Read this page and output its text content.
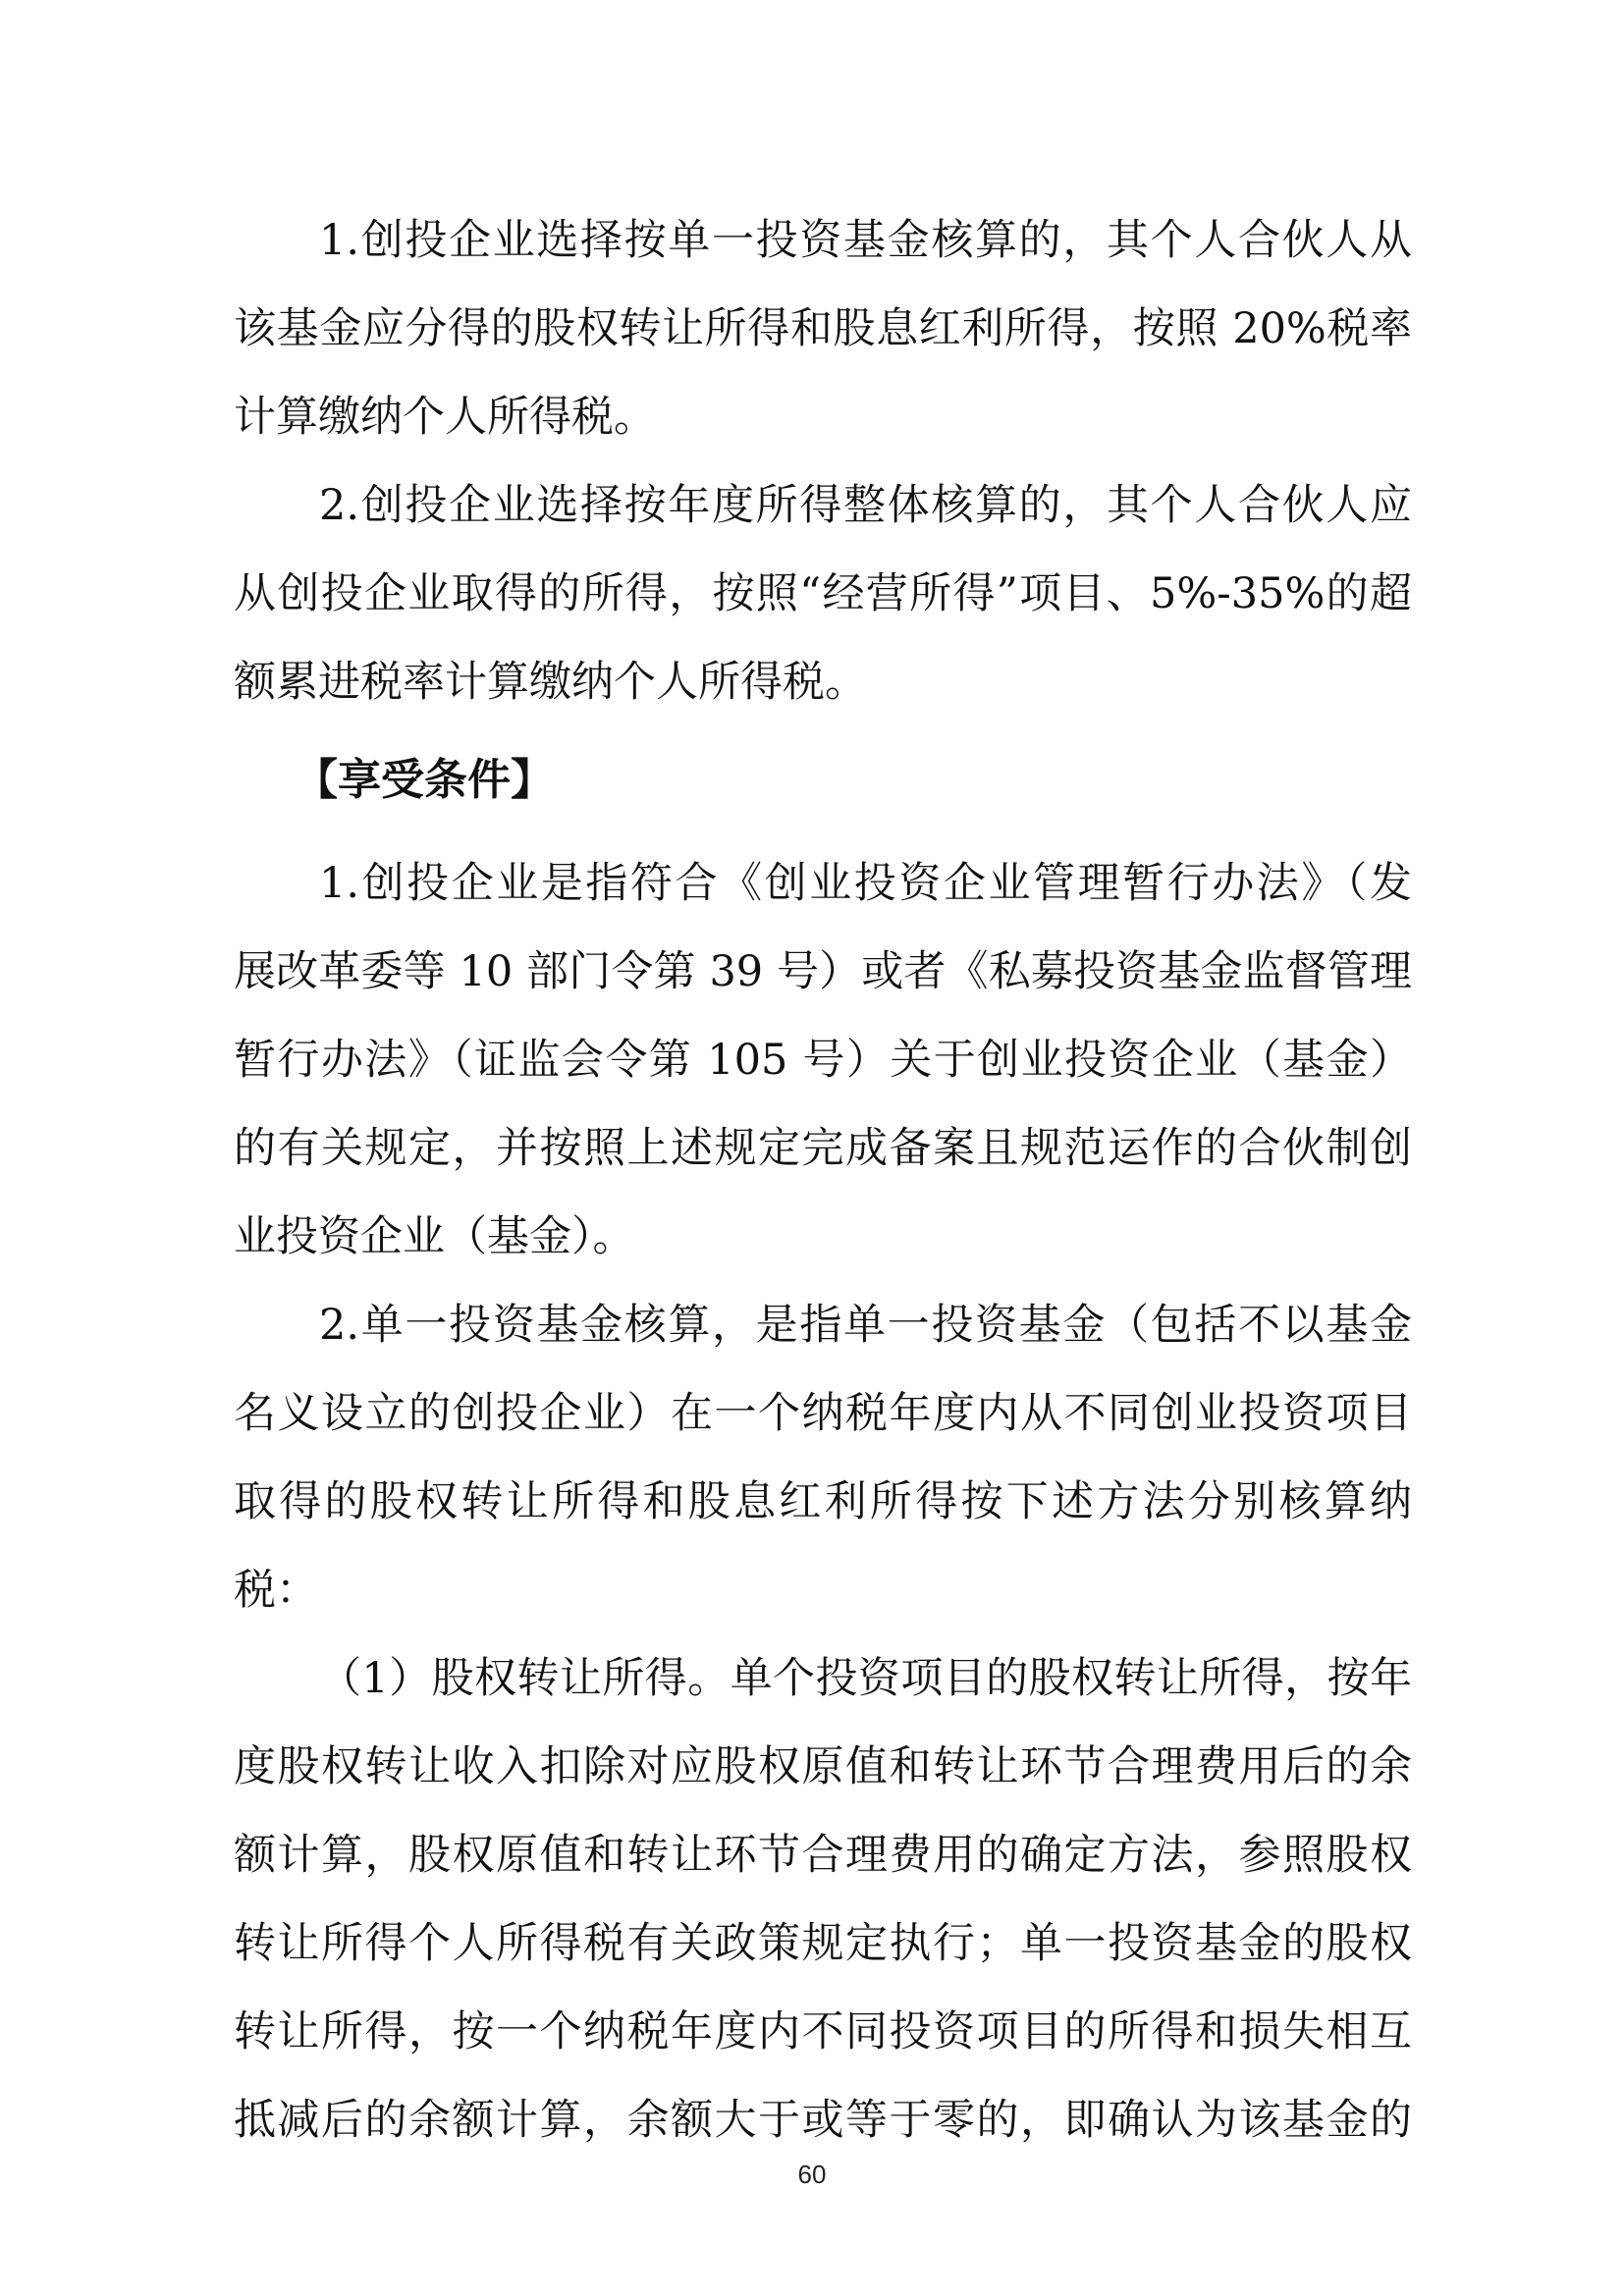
1.创投企业选择按单一投资基金核算的，其个人合伙人从
该基金应分得的股权转让所得和股息红利所得，按照 20%税率
计算缴纳个人所得税。
2.创投企业选择按年度所得整体核算的，其个人合伙人应
从创投企业取得的所得，按照“经营所得”项目、5%-35%的超
额累进税率计算缴纳个人所得税。
【享受条件】
1.创投企业是指符合《创业投资企业管理暂行办法》（发
展改革委等 10 部门令第 39 号）或者《私募投资基金监督管理
暂行办法》（证监会令第 105 号）关于创业投资企业（基金）
的有关规定，并按照上述规定完成备案且规范运作的合伙制创
业投资企业（基金）。
2.单一投资基金核算，是指单一投资基金（包括不以基金
名义设立的创投企业）在一个纳税年度内从不同创业投资项目
取得的股权转让所得和股息红利所得按下述方法分别核算纳
税：
（1）股权转让所得。单个投资项目的股权转让所得，按年
度股权转让收入扣除对应股权原值和转让环节合理费用后的余
额计算，股权原值和转让环节合理费用的确定方法，参照股权
转让所得个人所得税有关政策规定执行；单一投资基金的股权
转让所得，按一个纳税年度内不同投资项目的所得和损失相互
抵减后的余额计算，余额大于或等于零的，即确认为该基金的
60
